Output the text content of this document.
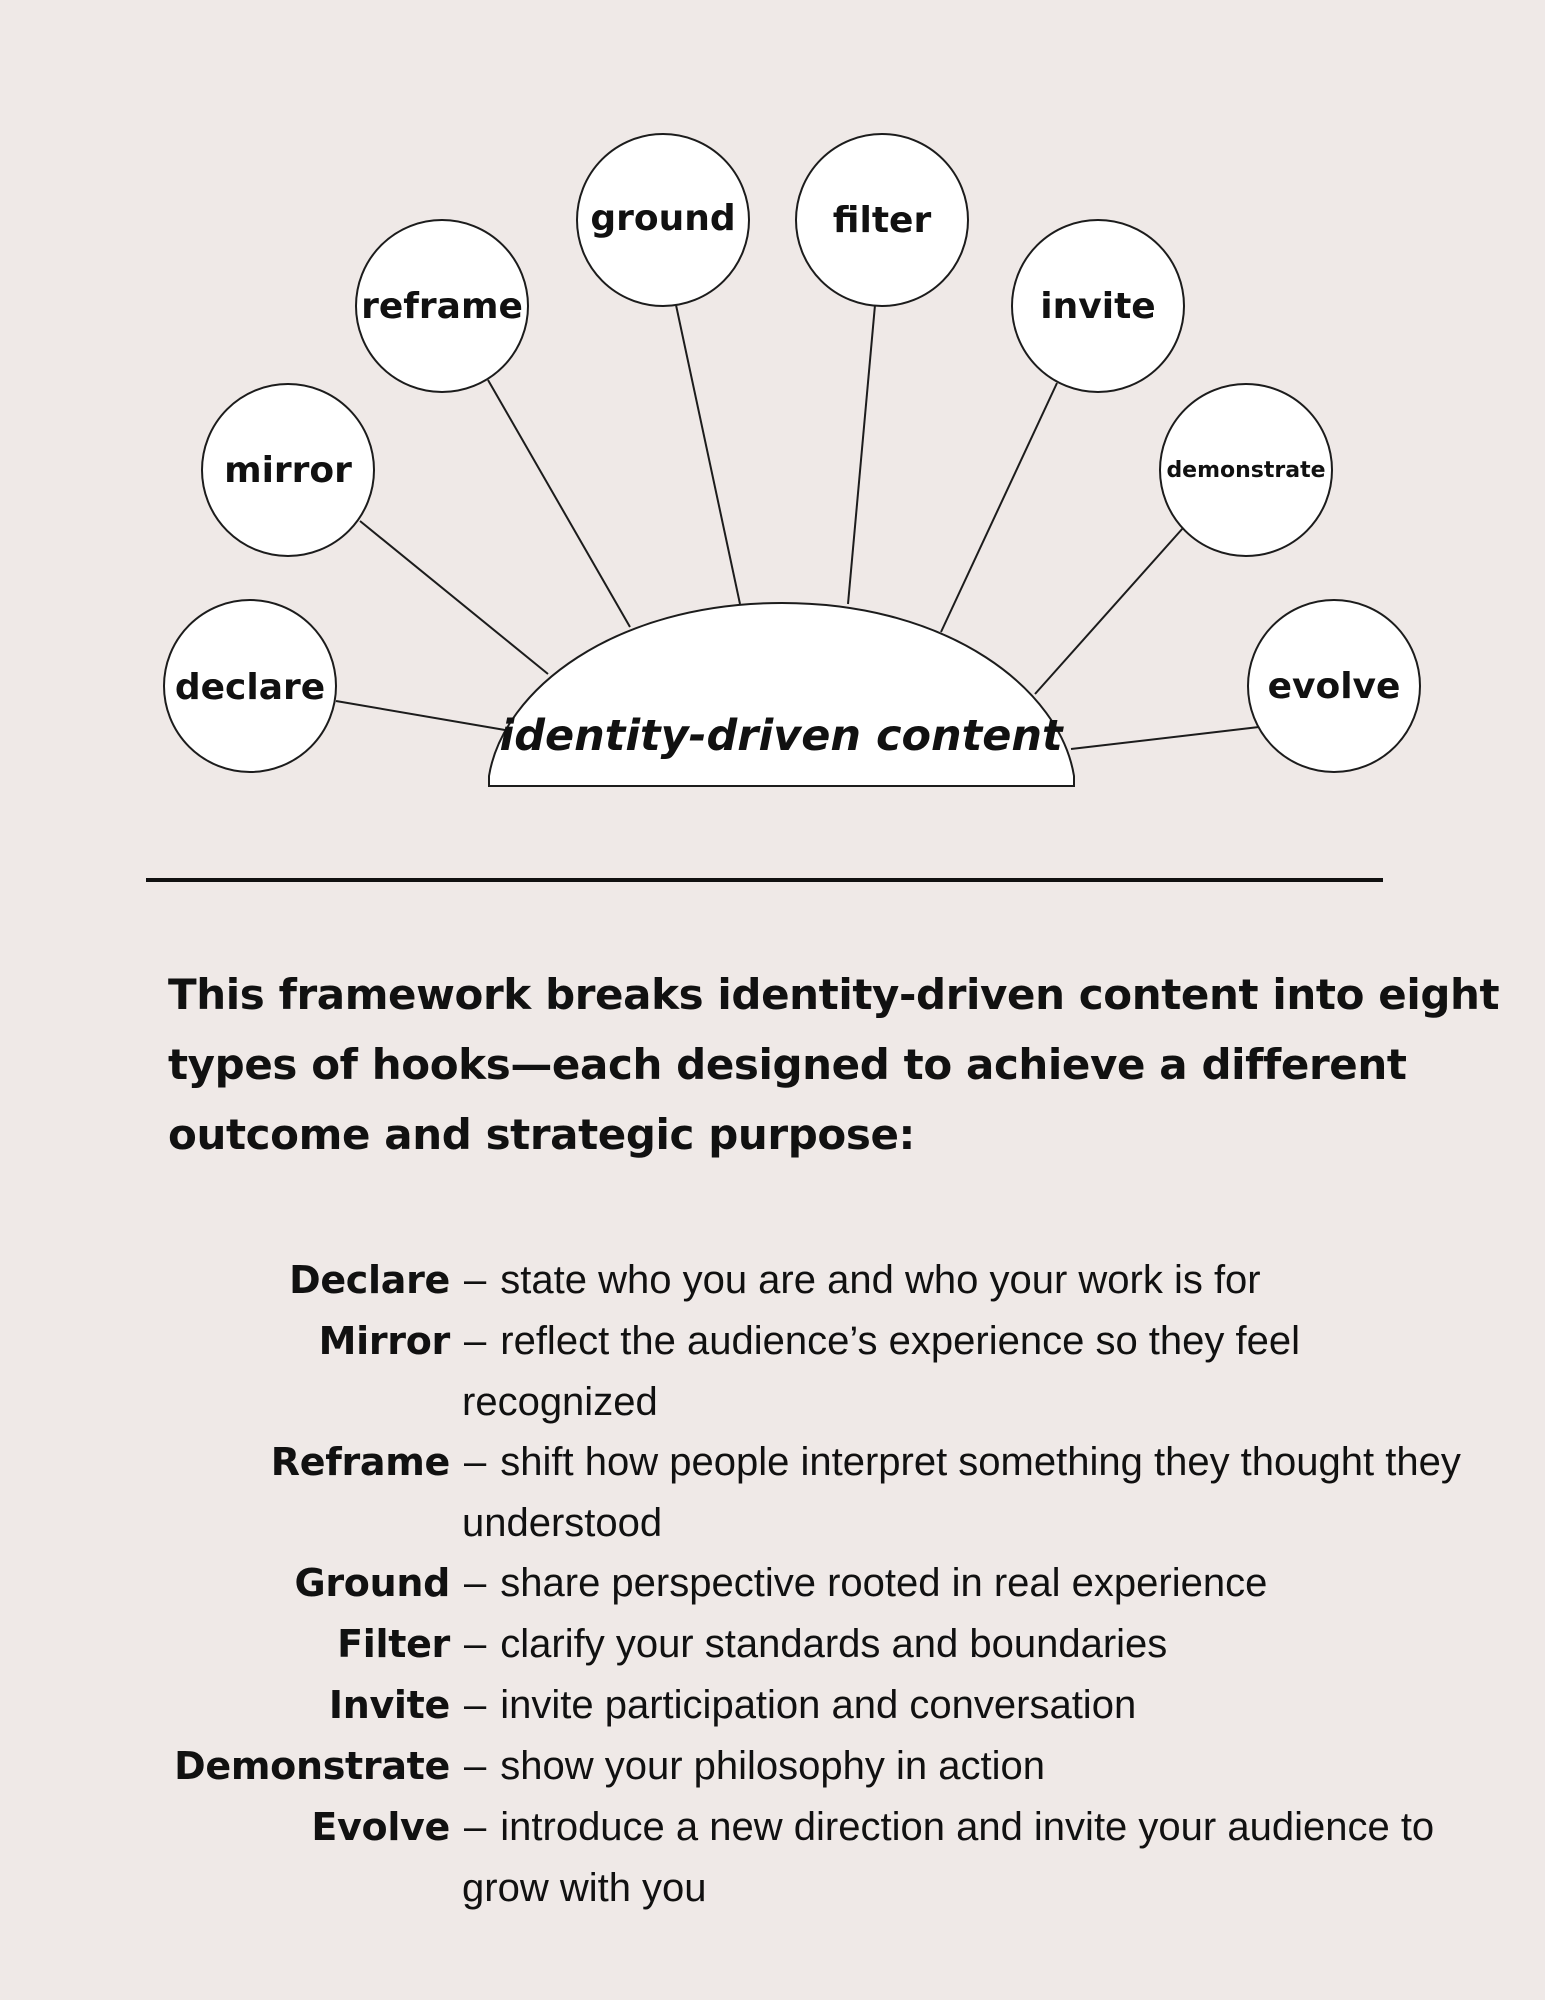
identity-driven content
declare
mirror
reframe
ground	filter
invite
demonstrate
evolve

This framework breaks identity-driven content into eight types of hooks—each designed to achieve a different outcome and strategic purpose:

Declare – state who you are and who your work is for
Mirror – reflect the audience’s experience so they feel recognized
Reframe – shift how people interpret something they thought they understood
Ground – share perspective rooted in real experience
Filter – clarify your standards and boundaries
Invite – invite participation and conversation
Demonstrate – show your philosophy in action
Evolve – introduce a new direction and invite your audience to grow with you
